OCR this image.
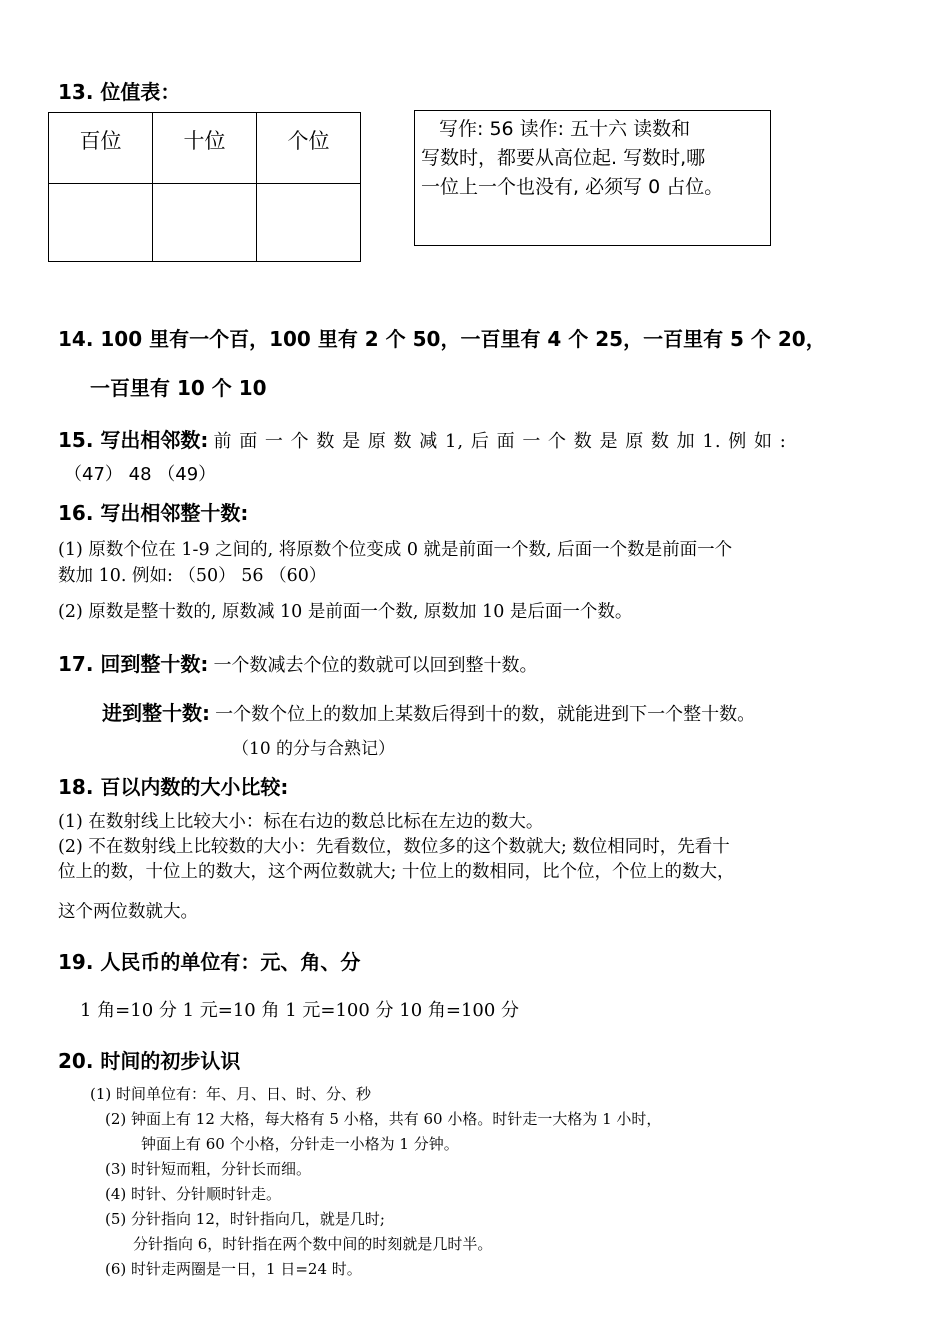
13. 位值表：
百位	十位	个位
			写作: 56 读作: 五十六 读数和
写数时，都要从高位起. 写数时,哪
一位上一个也没有, 必须写 0 占位。
14. 100 里有一个百，100 里有 2 个 50，一百里有 4 个 25，一百里有 5 个 20，
一百里有 10 个 10
15. 写出相邻数: 前 面 一 个 数 是 原 数 减 1, 后 面 一 个 数 是 原 数 加 1. 例 如 :
（47） 48 （49）
16. 写出相邻整十数:
(1) 原数个位在 1-9 之间的, 将原数个位变成 0 就是前面一个数, 后面一个数是前面一个
数加 10. 例如: （50） 56 （60）
(2) 原数是整十数的, 原数减 10 是前面一个数, 原数加 10 是后面一个数。
17. 回到整十数: 一个数减去个位的数就可以回到整十数。
进到整十数: 一个数个位上的数加上某数后得到十的数，就能进到下一个整十数。
（10 的分与合熟记）
18. 百以内数的大小比较:
(1) 在数射线上比较大小：标在右边的数总比标在左边的数大。
(2) 不在数射线上比较数的大小：先看数位，数位多的这个数就大; 数位相同时，先看十
位上的数，十位上的数大，这个两位数就大; 十位上的数相同，比个位，个位上的数大，
这个两位数就大。
19. 人民币的单位有：元、角、分
1 角=10 分 1 元=10 角 1 元=100 分 10 角=100 分
20. 时间的初步认识
(1) 时间单位有：年、月、日、时、分、秒
(2) 钟面上有 12 大格，每大格有 5 小格，共有 60 小格。时针走一大格为 1 小时，
钟面上有 60 个小格，分针走一小格为 1 分钟。
(3) 时针短而粗，分针长而细。
(4) 时针、分针顺时针走。
(5) 分针指向 12，时针指向几，就是几时;
分针指向 6，时针指在两个数中间的时刻就是几时半。
(6) 时针走两圈是一日，1 日=24 时。
